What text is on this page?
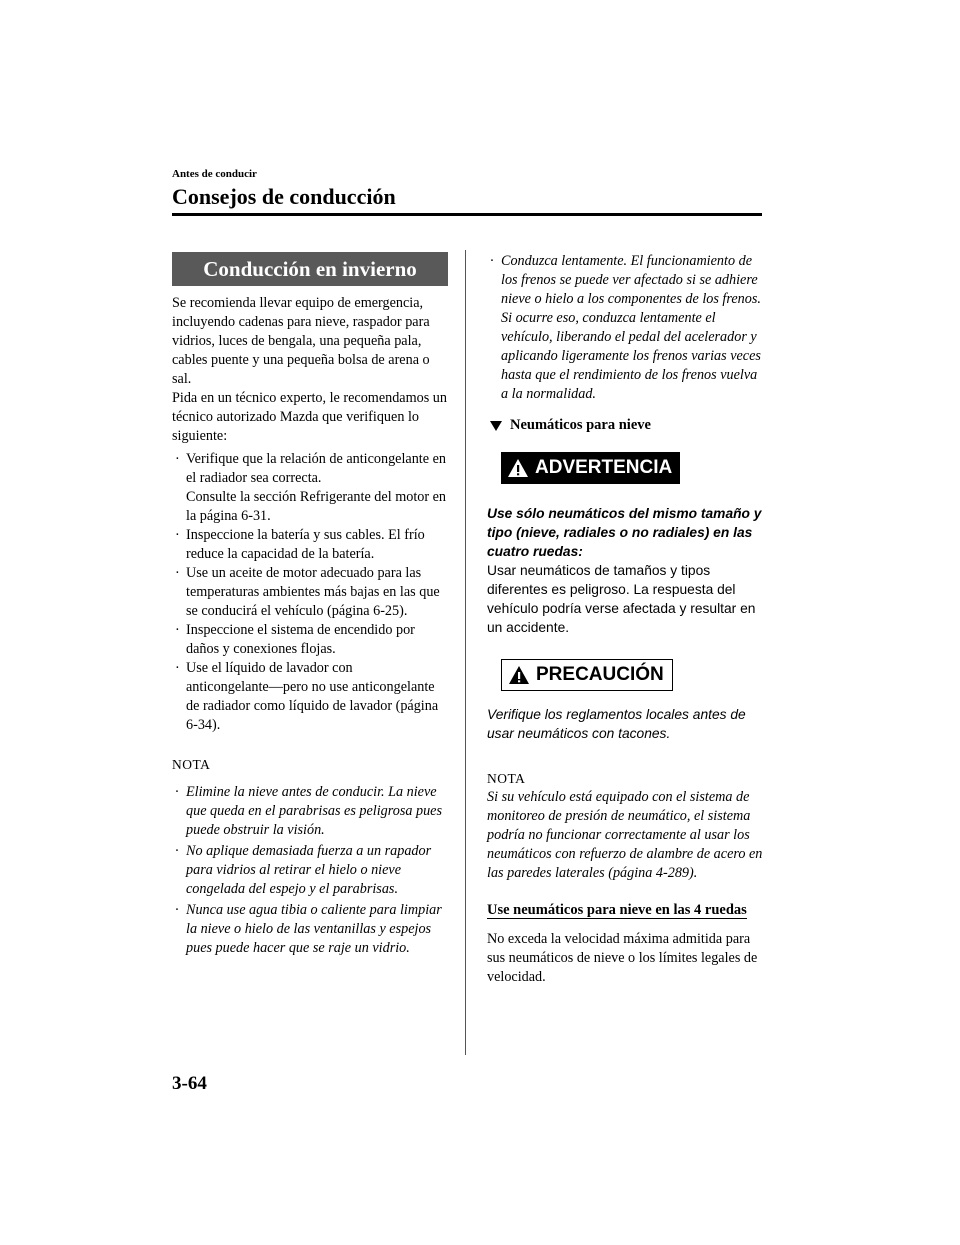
Antes de conducir
Consejos de conducción
Conducción en invierno

Se recomienda llevar equipo de emergencia, incluyendo cadenas para nieve, raspador para vidrios, luces de bengala, una pequeña pala, cables puente y una pequeña bolsa de arena o sal.

Pida en un técnico experto, le recomendamos un técnico autorizado Mazda que verifiquen lo siguiente:

· Verifique que la relación de anticongelante en el radiador sea correcta.
Consulte la sección Refrigerante del motor en la página 6-31.
· Inspeccione la batería y sus cables. El frío reduce la capacidad de la batería.
· Use un aceite de motor adecuado para las temperaturas ambientes más bajas en las que se conducirá el vehículo (página 6-25).
· Inspeccione el sistema de encendido por daños y conexiones flojas.
· Use el líquido de lavador con anticongelante―pero no use anticongelante de radiador como líquido de lavador (página 6-34).
NOTA
· Elimine la nieve antes de conducir. La nieve que queda en el parabrisas es peligrosa pues puede obstruir la visión.
· No aplique demasiada fuerza a un rapador para vidrios al retirar el hielo o nieve congelada del espejo y el parabrisas.
· Nunca use agua tibia o caliente para limpiar la nieve o hielo de las ventanillas y espejos pues puede hacer que se raje un vidrio.
· Conduzca lentamente. El funcionamiento de los frenos se puede ver afectado si se adhiere nieve o hielo a los componentes de los frenos. Si ocurre eso, conduzca lentamente el vehículo, liberando el pedal del acelerador y aplicando ligeramente los frenos varias veces hasta que el rendimiento de los frenos vuelva a la normalidad.
Neumáticos para nieve
ADVERTENCIA

Use sólo neumáticos del mismo tamaño y tipo (nieve, radiales o no radiales) en las cuatro ruedas:

Usar neumáticos de tamaños y tipos diferentes es peligroso. La respuesta del vehículo podría verse afectada y resultar en un accidente.

PRECAUCIÓN

Verifique los reglamentos locales antes de usar neumáticos con tacones.

NOTA

Si su vehículo está equipado con el sistema de monitoreo de presión de neumático, el sistema podría no funcionar correctamente al usar los neumáticos con refuerzo de alambre de acero en las paredes laterales (página 4-289).

Use neumáticos para nieve en las 4 ruedas

No exceda la velocidad máxima admitida para sus neumáticos de nieve o los límites legales de velocidad.

3-64
